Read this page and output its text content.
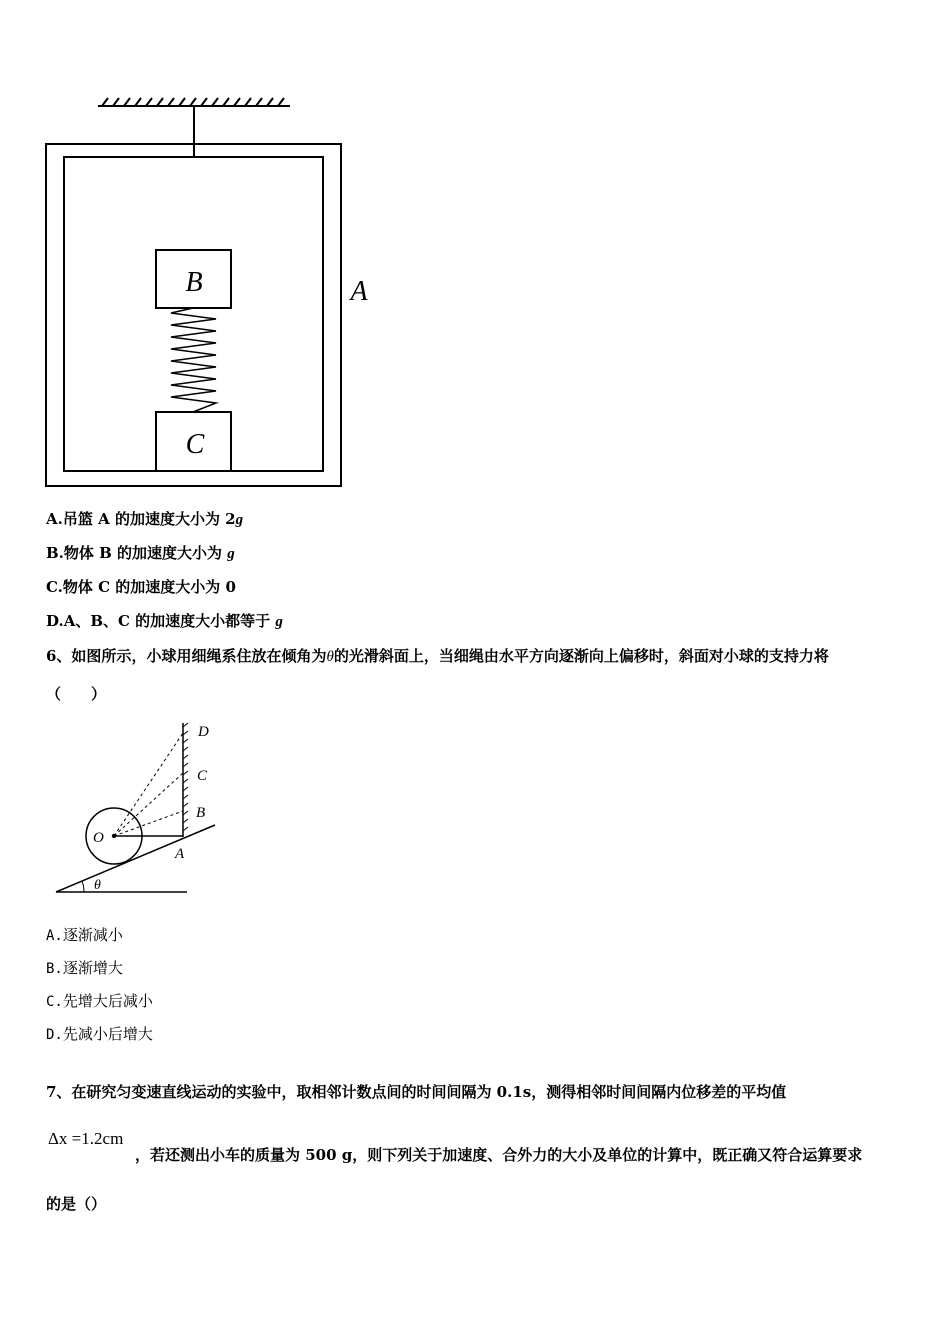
B
C
A
A.吊篮 A 的加速度大小为 2g
B.物体 B 的加速度大小为 g
C.物体 C 的加速度大小为 0
D.A、B、C 的加速度大小都等于 g
6、如图所示，小球用细绳系住放在倾角为θ的光滑斜面上，当细绳由水平方向逐渐向上偏移时，斜面对小球的支持力将
（　　）
D
C
B
A
O
θ
A.逐渐减小
B.逐渐增大
C.先增大后减小
D.先减小后增大
7、在研究匀变速直线运动的实验中，取相邻计数点间的时间间隔为 0.1s，测得相邻时间间隔内位移差的平均值
Δx =1.2cm
，若还测出小车的质量为 500 g，则下列关于加速度、合外力的大小及单位的计算中，既正确又符合运算要求
的是（）
